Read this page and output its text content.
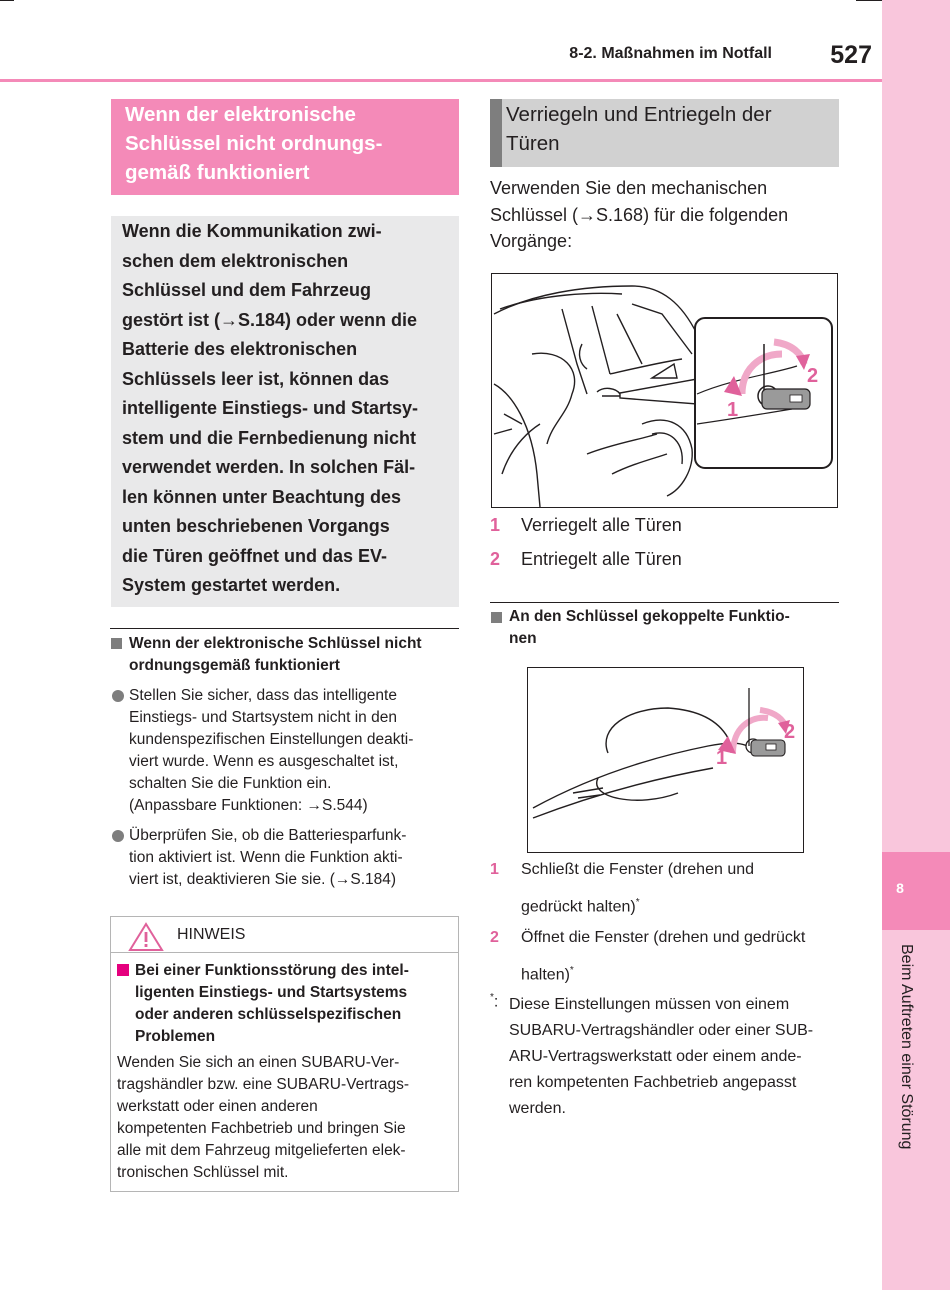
8
Beim Auftreten einer Störung
8-2. Maßnahmen im Notfall	527
Wenn der elektronische
Schlüssel nicht ordnungs-
gemäß funktioniert
Wenn die Kommunikation zwi-
schen dem elektronischen
Schlüssel und dem Fahrzeug
gestört ist (→S.184) oder wenn die
Batterie des elektronischen
Schlüssels leer ist, können das
intelligente Einstiegs- und Startsy-
stem und die Fernbedienung nicht
verwendet werden. In solchen Fäl-
len können unter Beachtung des
unten beschriebenen Vorgangs
die Türen geöffnet und das EV-
System gestartet werden.
Wenn der elektronische Schlüssel nicht
ordnungsgemäß funktioniert
Stellen Sie sicher, dass das intelligente
Einstiegs- und Startsystem nicht in den
kundenspezifischen Einstellungen deakti-
viert wurde. Wenn es ausgeschaltet ist,
schalten Sie die Funktion ein.
(Anpassbare Funktionen: →S.544)
Überprüfen Sie, ob die Batteriesparfunk-
tion aktiviert ist. Wenn die Funktion akti-
viert ist, deaktivieren Sie sie. (→S.184)
HINWEIS
Bei einer Funktionsstörung des intel-
ligenten Einstiegs- und Startsystems
oder anderen schlüsselspezifischen
Problemen
Wenden Sie sich an einen SUBARU-Ver-
tragshändler bzw. eine SUBARU-Vertrags-
werkstatt oder einen anderen
kompetenten Fachbetrieb und bringen Sie
alle mit dem Fahrzeug mitgelieferten elek-
tronischen Schlüssel mit.
Verriegeln und Entriegeln der
Türen
Verwenden Sie den mechanischen
Schlüssel (→S.168) für die folgenden
Vorgänge:
1
2
1 Verriegelt alle Türen
2 Entriegelt alle Türen
An den Schlüssel gekoppelte Funktio-
nen
1
2
1 Schließt die Fenster (drehen und
gedrückt halten)*
2 Öffnet die Fenster (drehen und gedrückt
halten)*
*: Diese Einstellungen müssen von einem
SUBARU-Vertragshändler oder einer SUB-
ARU-Vertragswerkstatt oder einem ande-
ren kompetenten Fachbetrieb angepasst
werden.
